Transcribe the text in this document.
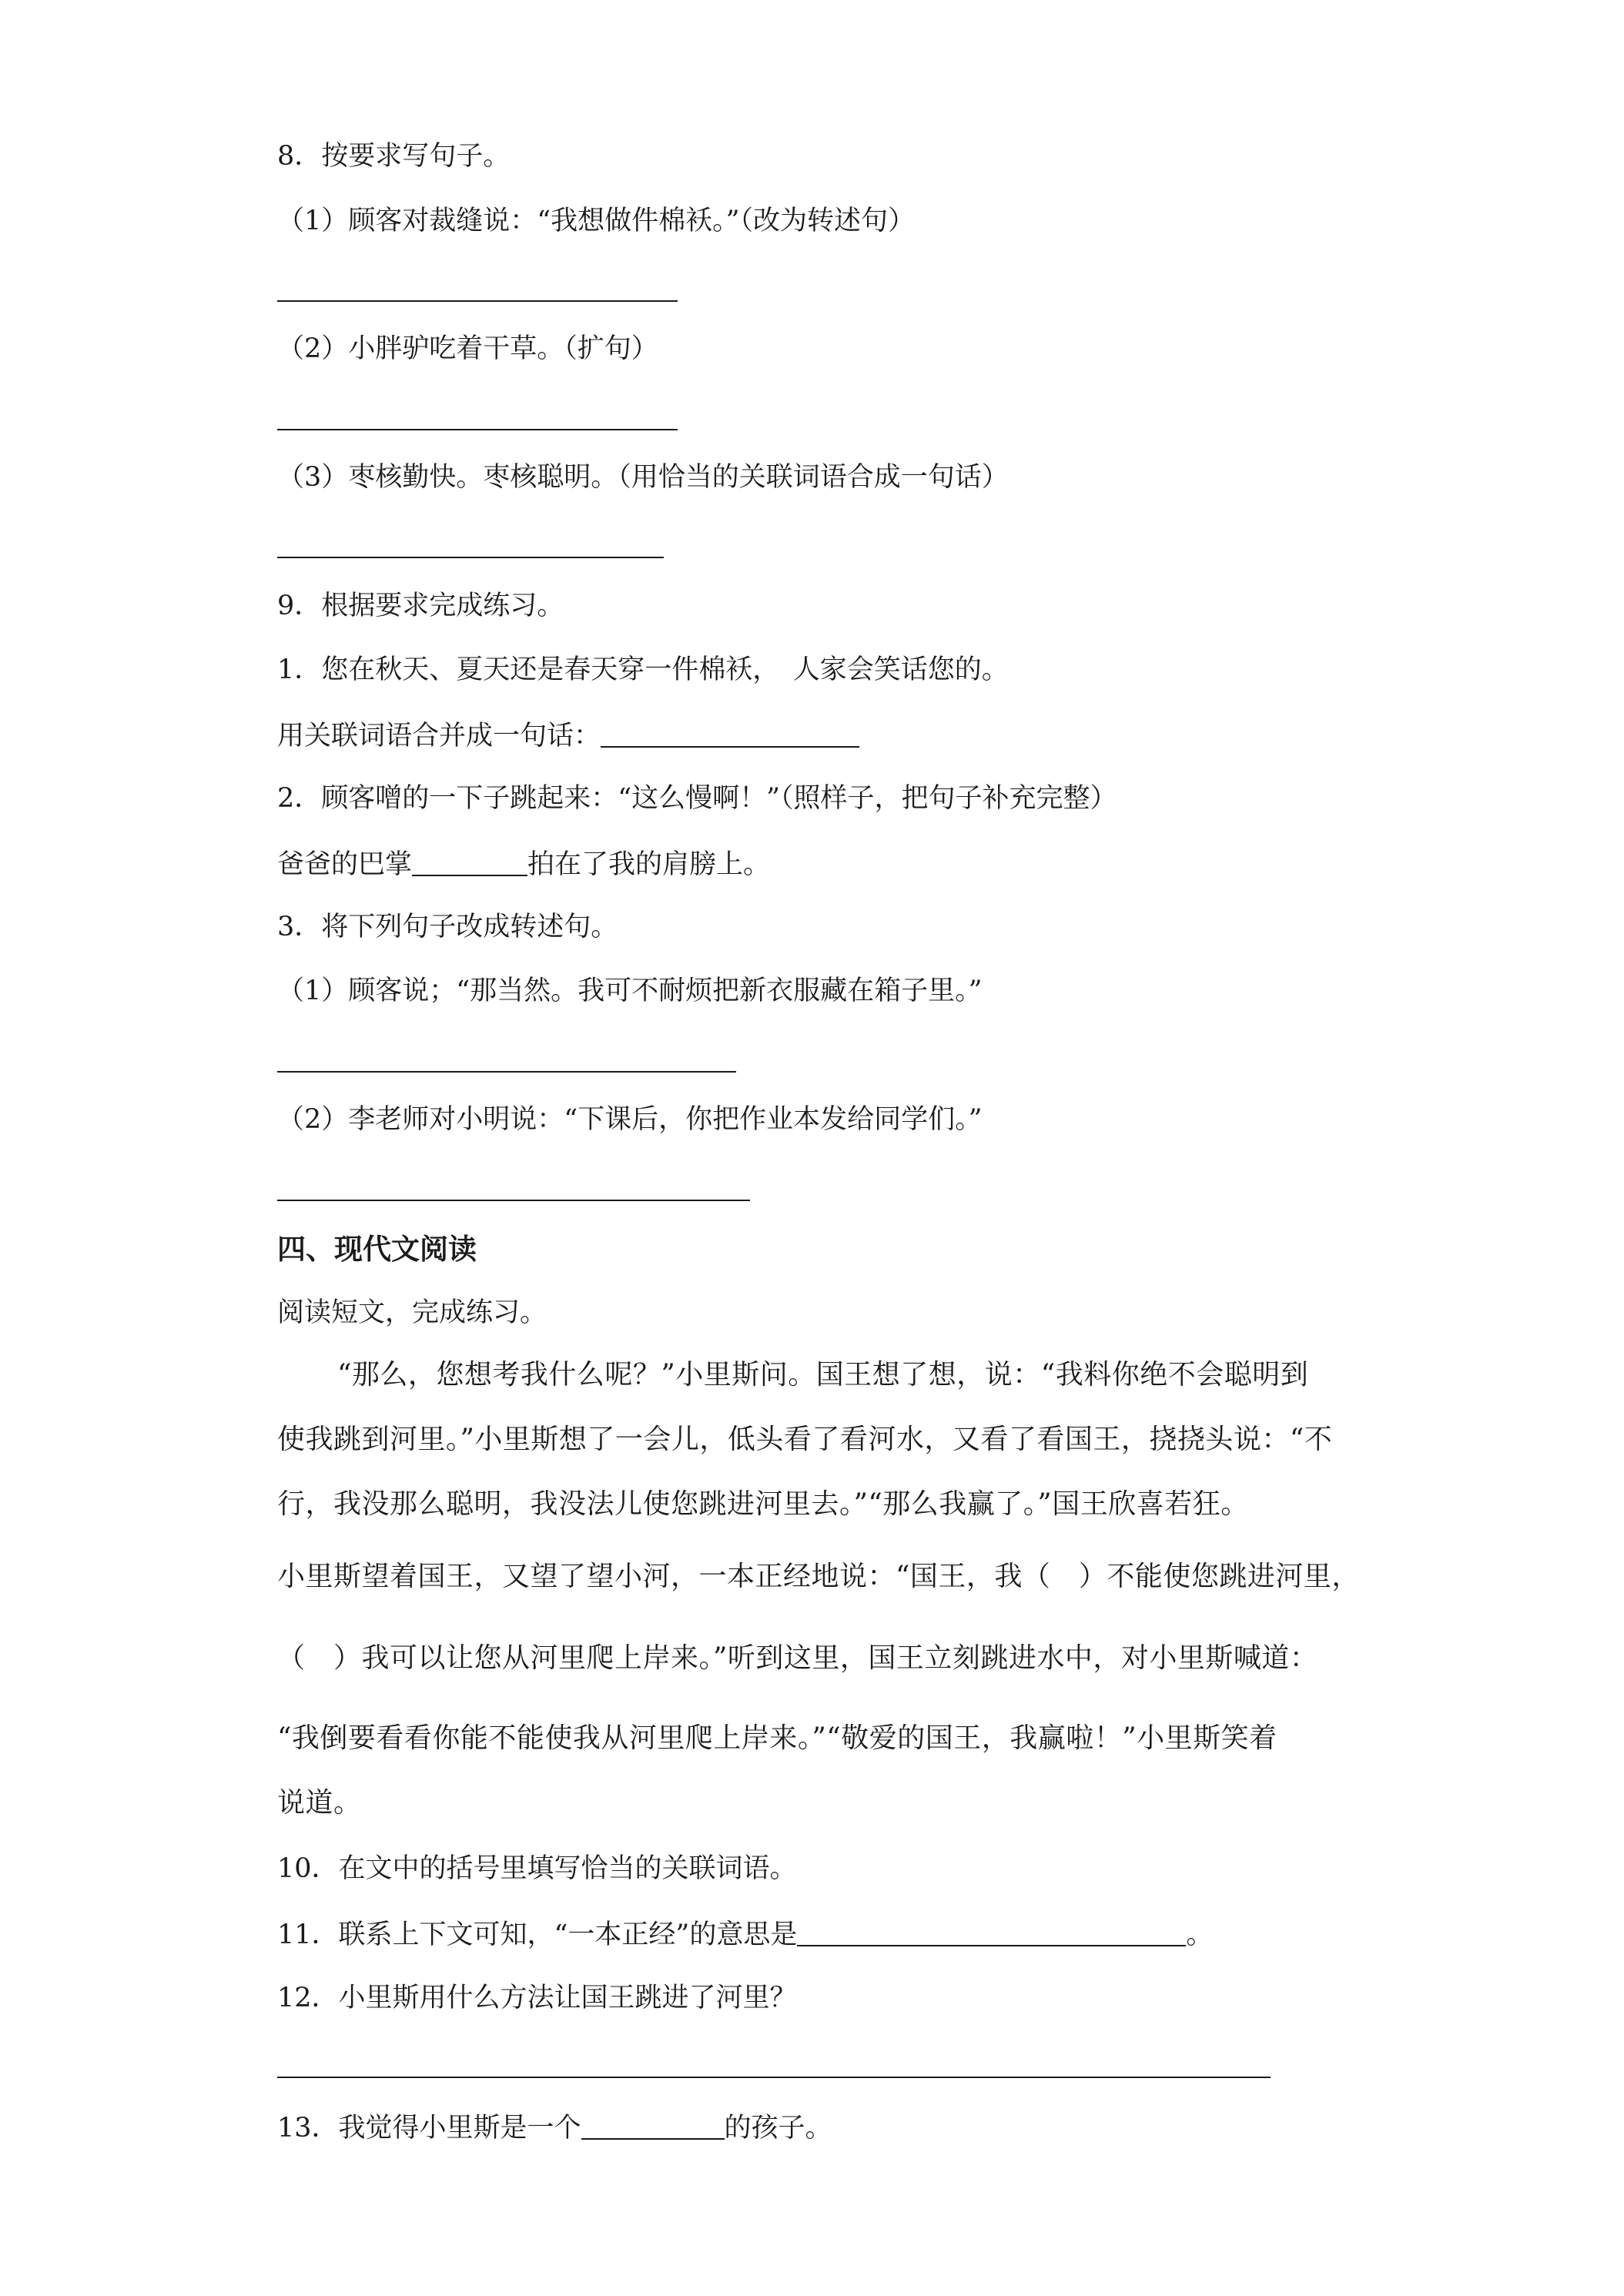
8．按要求写句子。
（1）顾客对裁缝说：“我想做件棉袄。”（改为转述句）
（2）小胖驴吃着干草。（扩句）
（3）枣核勤快。枣核聪明。（用恰当的关联词语合成一句话）
9．根据要求完成练习。
1．您在秋天、夏天还是春天穿一件棉袄，　人家会笑话您的。
用关联词语合并成一句话：
2．顾客噌的一下子跳起来：“这么慢啊！”（照样子，把句子补充完整）
爸爸的巴掌	拍在了我的肩膀上。
3．将下列句子改成转述句。
（1）顾客说；“那当然。我可不耐烦把新衣服藏在箱子里。”
（2）李老师对小明说：“下课后，你把作业本发给同学们。”
四、现代文阅读
阅读短文，完成练习。
“那么，您想考我什么呢？”小里斯问。国王想了想，说：“我料你绝不会聪明到
使我跳到河里。”小里斯想了一会儿，低头看了看河水，又看了看国王，挠挠头说：“不
行，我没那么聪明，我没法儿使您跳进河里去。”“那么我赢了。”国王欣喜若狂。
小里斯望着国王，又望了望小河，一本正经地说：“国王，我（　）不能使您跳进河里，
（　）我可以让您从河里爬上岸来。”听到这里，国王立刻跳进水中，对小里斯喊道：
“我倒要看看你能不能使我从河里爬上岸来。”“敬爱的国王，我赢啦！”小里斯笑着
说道。
10．在文中的括号里填写恰当的关联词语。
11．联系上下文可知，“一本正经”的意思是	。
12．小里斯用什么方法让国王跳进了河里？
13．我觉得小里斯是一个	的孩子。
